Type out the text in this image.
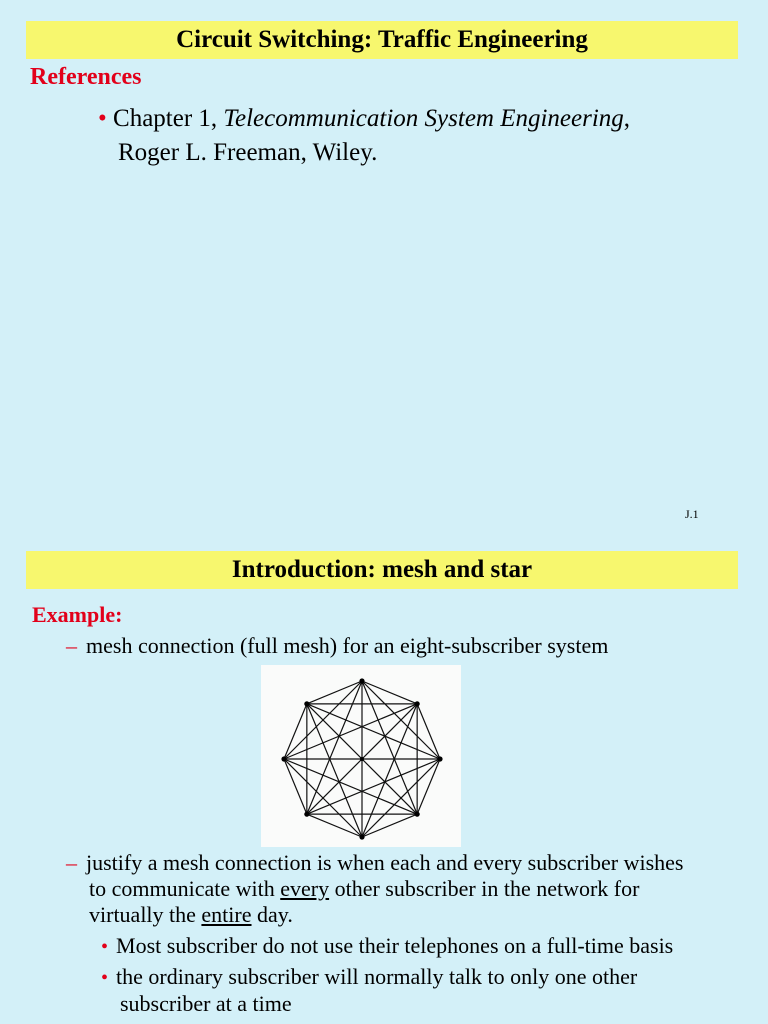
Circuit Switching: Traffic Engineering
References
• Chapter 1, Telecommunication System Engineering,
Roger L. Freeman, Wiley.
J.1
Introduction: mesh and star
Example:
– mesh connection (full mesh) for an eight-subscriber system
– justify a mesh connection is when each and every subscriber wishes
to communicate with every other subscriber in the network for
virtually the entire day.
• Most subscriber do not use their telephones on a full-time basis
• the ordinary subscriber will normally talk to only one other
subscriber at a time
